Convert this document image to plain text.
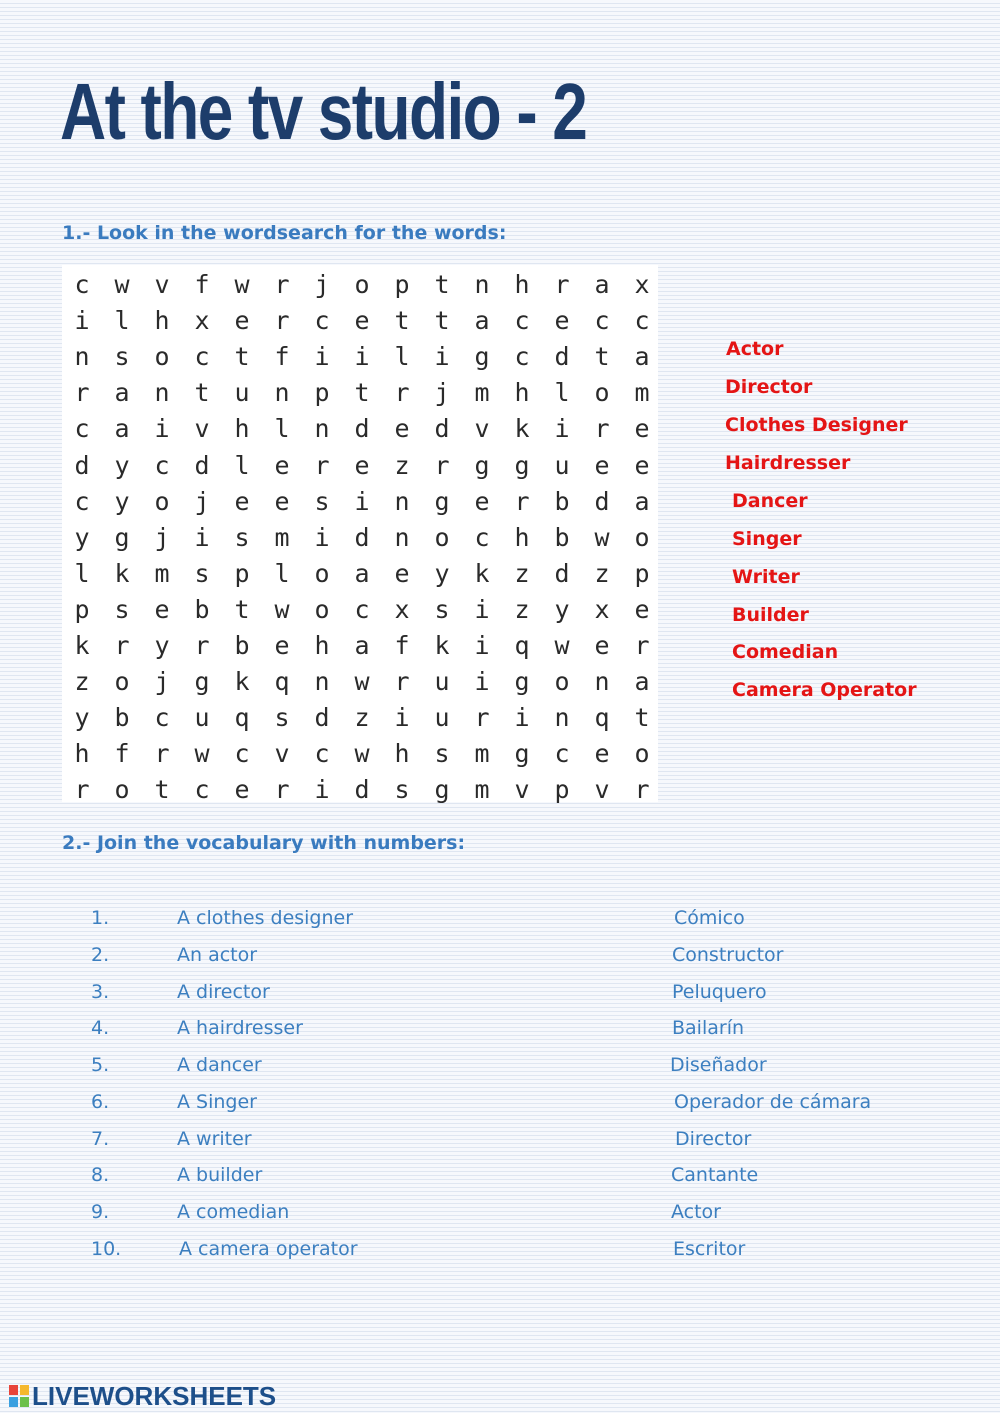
At the tv studio - 2
1.- Look in the wordsearch for the words:
c w v f w r j o p t n h r a x
i l h x e r c e t t a c e c c
n s o c t f i i l i g c d t a
r a n t u n p t r j m h l o m
c a i v h l n d e d v k i r e
d y c d l e r e z r g g u e e
c y o j e e s i n g e r b d a
y g j i s m i d n o c h b w o
l k m s p l o a e y k z d z p
p s e b t w o c x s i z y x e
k r y r b e h a f k i q w e r
z o j g k q n w r u i g o n a
y b c u q s d z i u r i n q t
h f r w c v c w h s m g c e o
r o t c e r i d s g m v p v r
Actor
Director
Clothes Designer
Hairdresser
Dancer
Singer
Writer
Builder
Comedian
Camera Operator
2.- Join the vocabulary with numbers:
1.	A clothes designer	Cómico
2.	An actor	Constructor
3.	A director	Peluquero
4.	A hairdresser	Bailarín
5.	A dancer	Diseñador
6.	A Singer	Operador de cámara
7.	A writer	Director
8.	A builder	Cantante
9.	A comedian	Actor
10.	A camera operator	Escritor
LIVEWORKSHEETS
